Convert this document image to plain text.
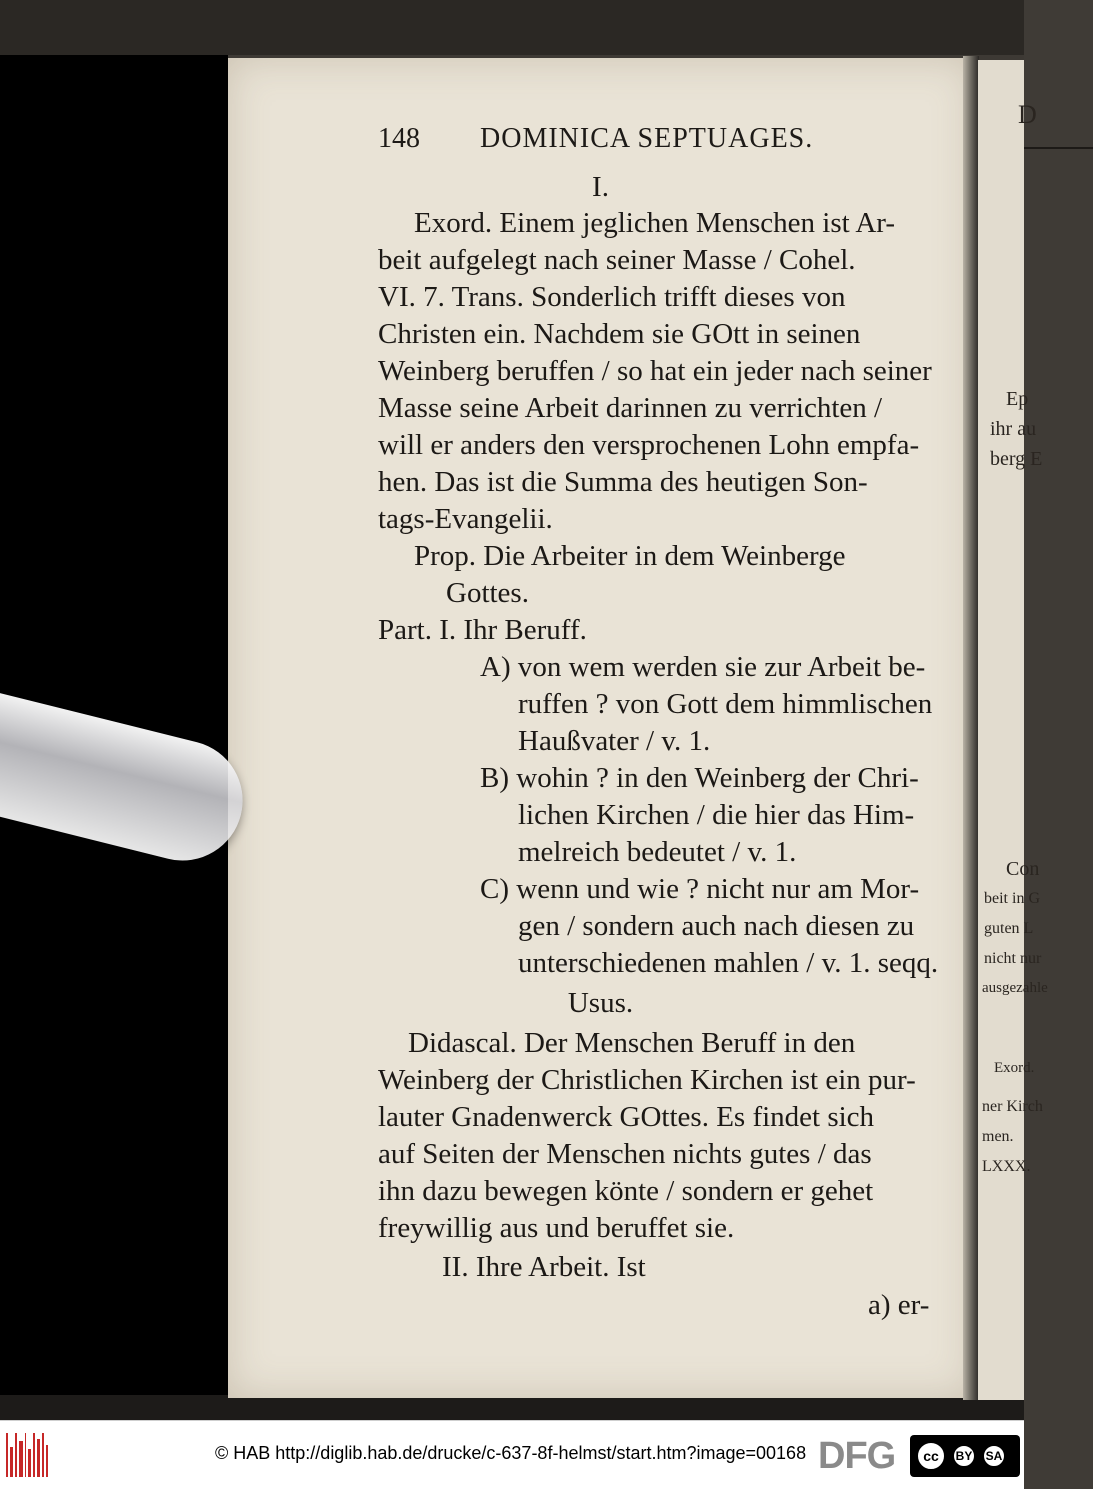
148 DOMINICA SEPTUAGES.
I.
Exord. Einem jeglichen Menschen ist Ar-
beit aufgelegt nach seiner Masse / Cohel.
VI. 7. Trans. Sonderlich trifft dieses von
Christen ein. Nachdem sie GOtt in seinen
Weinberg beruffen / so hat ein jeder nach seiner
Masse seine Arbeit darinnen zu verrichten /
will er anders den versprochenen Lohn empfa-
hen. Das ist die Summa des heutigen Son-
tags-Evangelii.
Prop. Die Arbeiter in dem Weinberge
Gottes.
Part. I. Ihr Beruff.
A) von wem werden sie zur Arbeit be-
ruffen ? von Gott dem himmlischen
Haußvater / v. 1.
B) wohin ? in den Weinberg der Chri-
lichen Kirchen / die hier das Him-
melreich bedeutet / v. 1.
C) wenn und wie ? nicht nur am Mor-
gen / sondern auch nach diesen zu
unterschiedenen mahlen / v. 1. seqq.
Usus.
Didascal. Der Menschen Beruff in den
Weinberg der Christlichen Kirchen ist ein pur-
lauter Gnadenwerck GOttes. Es findet sich
auf Seiten der Menschen nichts gutes / das
ihn dazu bewegen könte / sondern er gehet
freywillig aus und beruffet sie.
II. Ihre Arbeit. Ist
a) er-
D
Ep
ihr au
berg E
Con
beit in G
guten L
nicht nur
ausgezahle
Exord.
ner Kirch
men.
LXXX.
© HAB http://diglib.hab.de/drucke/c-637-8f-helmst/start.htm?image=00168 DFG	cc	BY	SA
